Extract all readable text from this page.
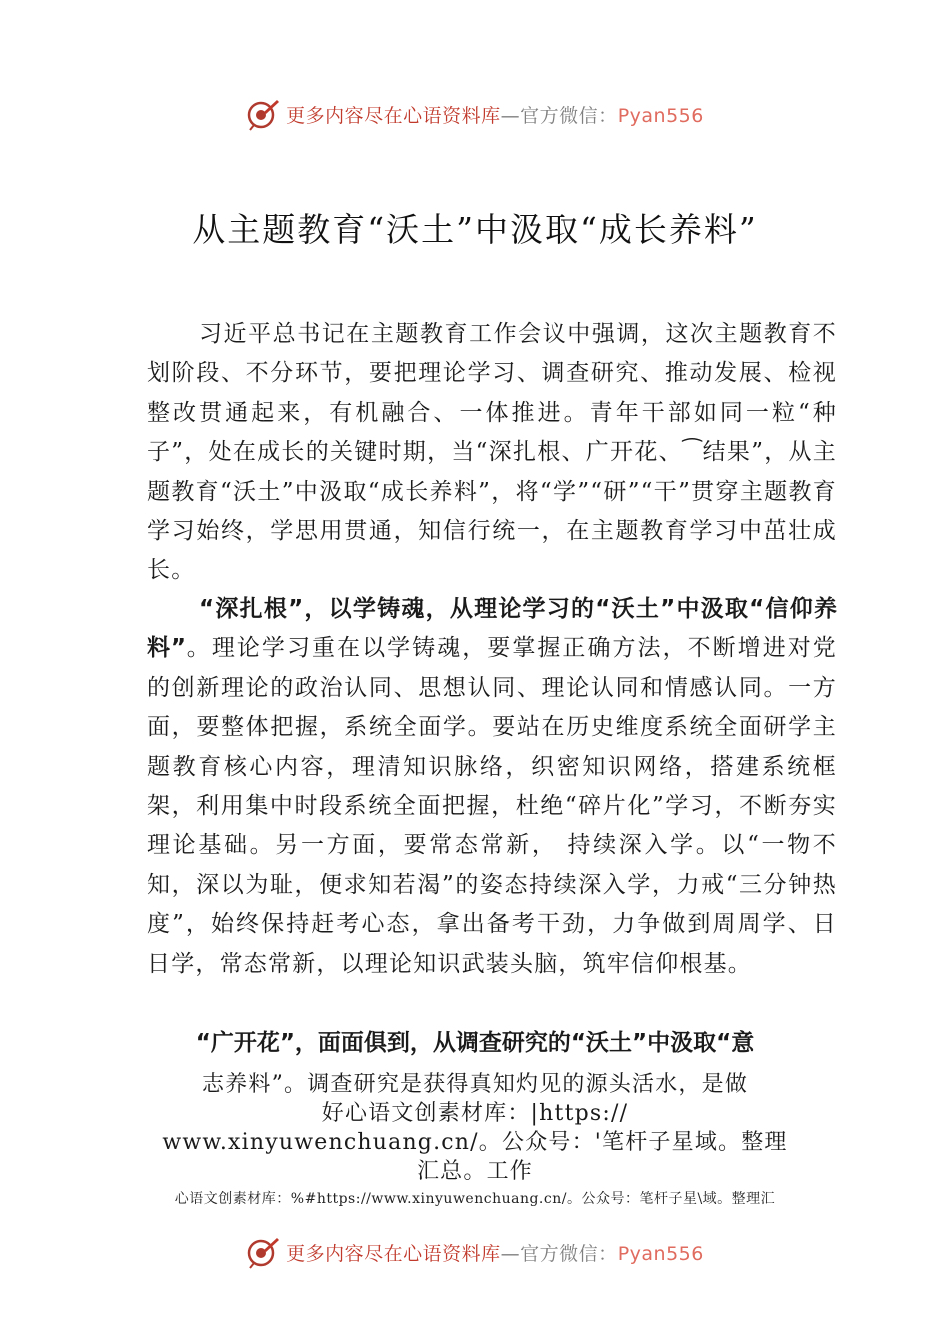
更多内容尽在心语资料库—官方微信：Pyan556
从主题教育“沃土”中汲取“成长养料”

习近平总书记在主题教育工作会议中强调，这次主题教育不划阶段、不分环节，要把理论学习、调查研究、推动发展、检视整改贯通起来，有机融合、一体推进。青年干部如同一粒“种子”，处在成长的关键时期，当“深扎根、广开花、⁀结果”，从主题教育“沃土”中汲取“成长养料”，将“学”“研”“干”贯穿主题教育学习始终，学思用贯通，知信行统一，在主题教育学习中茁壮成长。

“深扎根”，以学铸魂，从理论学习的“沃土”中汲取“信仰养料”。理论学习重在以学铸魂，要掌握正确方法，不断增进对党的创新理论的政治认同、思想认同、理论认同和情感认同。一方面，要整体把握，系统全面学。要站在历史维度系统全面研学主题教育核心内容，理清知识脉络，织密知识网络，搭建系统框架，利用集中时段系统全面把握，杜绝“碎片化”学习，不断夯实理论基础。另一方面，要常态常新， 持续深入学。以“一物不知，深以为耻，便求知若渴”的姿态持续深入学，力戒“三分钟热度”，始终保持赶考心态，拿出备考干劲，力争做到周周学、日日学，常态常新，以理论知识武装头脑，筑牢信仰根基。

“广开花”，面面俱到，从调查研究的“沃土”中汲取“意
志养料”。调查研究是获得真知灼见的源头活水，是做
好心语文创素材库：|https://
www.xinyuwenchuang.cn/。公众号：'笔杆子星域。整理
汇总。工作
心语文创素材库：%#https://www.xinyuwenchuang.cn/。公众号：笔杆子星\域。整理汇
更多内容尽在心语资料库—官方微信：Pyan556
